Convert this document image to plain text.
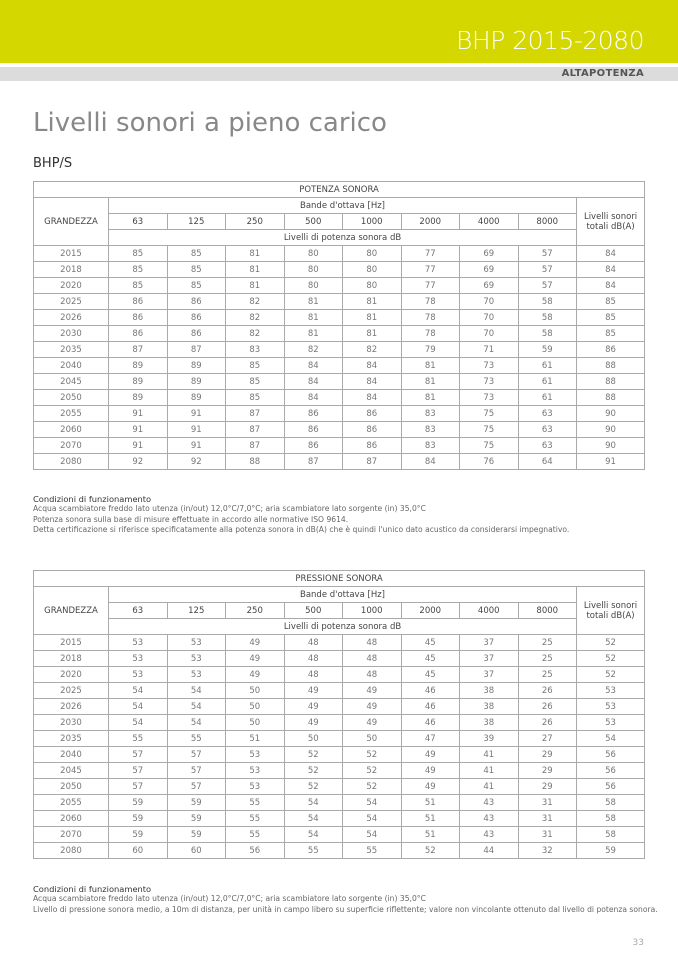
BHP 2015-2080
ALTAPOTENZA
Livelli sonori a pieno carico
BHP/S
POTENZA SONORA									
GRANDEZZA	Bande d'ottava [Hz]								Livelli sonori totali dB(A)
	63	125	250	500	1000	2000	4000	8000	
	Livelli di potenza sonora dB								
2015	85	85	81	80	80	77	69	57	84
2018	85	85	81	80	80	77	69	57	84
2020	85	85	81	80	80	77	69	57	84
2025	86	86	82	81	81	78	70	58	85
2026	86	86	82	81	81	78	70	58	85
2030	86	86	82	81	81	78	70	58	85
2035	87	87	83	82	82	79	71	59	86
2040	89	89	85	84	84	81	73	61	88
2045	89	89	85	84	84	81	73	61	88
2050	89	89	85	84	84	81	73	61	88
2055	91	91	87	86	86	83	75	63	90
2060	91	91	87	86	86	83	75	63	90
2070	91	91	87	86	86	83	75	63	90
2080	92	92	88	87	87	84	76	64	91
Condizioni di funzionamento
Acqua scambiatore freddo lato utenza (in/out) 12,0°C/7,0°C; aria scambiatore lato sorgente (in) 35,0°C
Potenza sonora sulla base di misure effettuate in accordo alle normative ISO 9614.
Detta certificazione si riferisce specificatamente alla potenza sonora in dB(A) che è quindi l'unico dato acustico da considerarsi impegnativo.
PRESSIONE SONORA									
GRANDEZZA	Bande d'ottava [Hz]								Livelli sonori totali dB(A)
	63	125	250	500	1000	2000	4000	8000	
	Livelli di potenza sonora dB								
2015	53	53	49	48	48	45	37	25	52
2018	53	53	49	48	48	45	37	25	52
2020	53	53	49	48	48	45	37	25	52
2025	54	54	50	49	49	46	38	26	53
2026	54	54	50	49	49	46	38	26	53
2030	54	54	50	49	49	46	38	26	53
2035	55	55	51	50	50	47	39	27	54
2040	57	57	53	52	52	49	41	29	56
2045	57	57	53	52	52	49	41	29	56
2050	57	57	53	52	52	49	41	29	56
2055	59	59	55	54	54	51	43	31	58
2060	59	59	55	54	54	51	43	31	58
2070	59	59	55	54	54	51	43	31	58
2080	60	60	56	55	55	52	44	32	59
Condizioni di funzionamento
Acqua scambiatore freddo lato utenza (in/out) 12,0°C/7,0°C; aria scambiatore lato sorgente (in) 35,0°C
Livello di pressione sonora medio, a 10m di distanza, per unità in campo libero su superficie riflettente; valore non vincolante ottenuto dal livello di potenza sonora.
33
